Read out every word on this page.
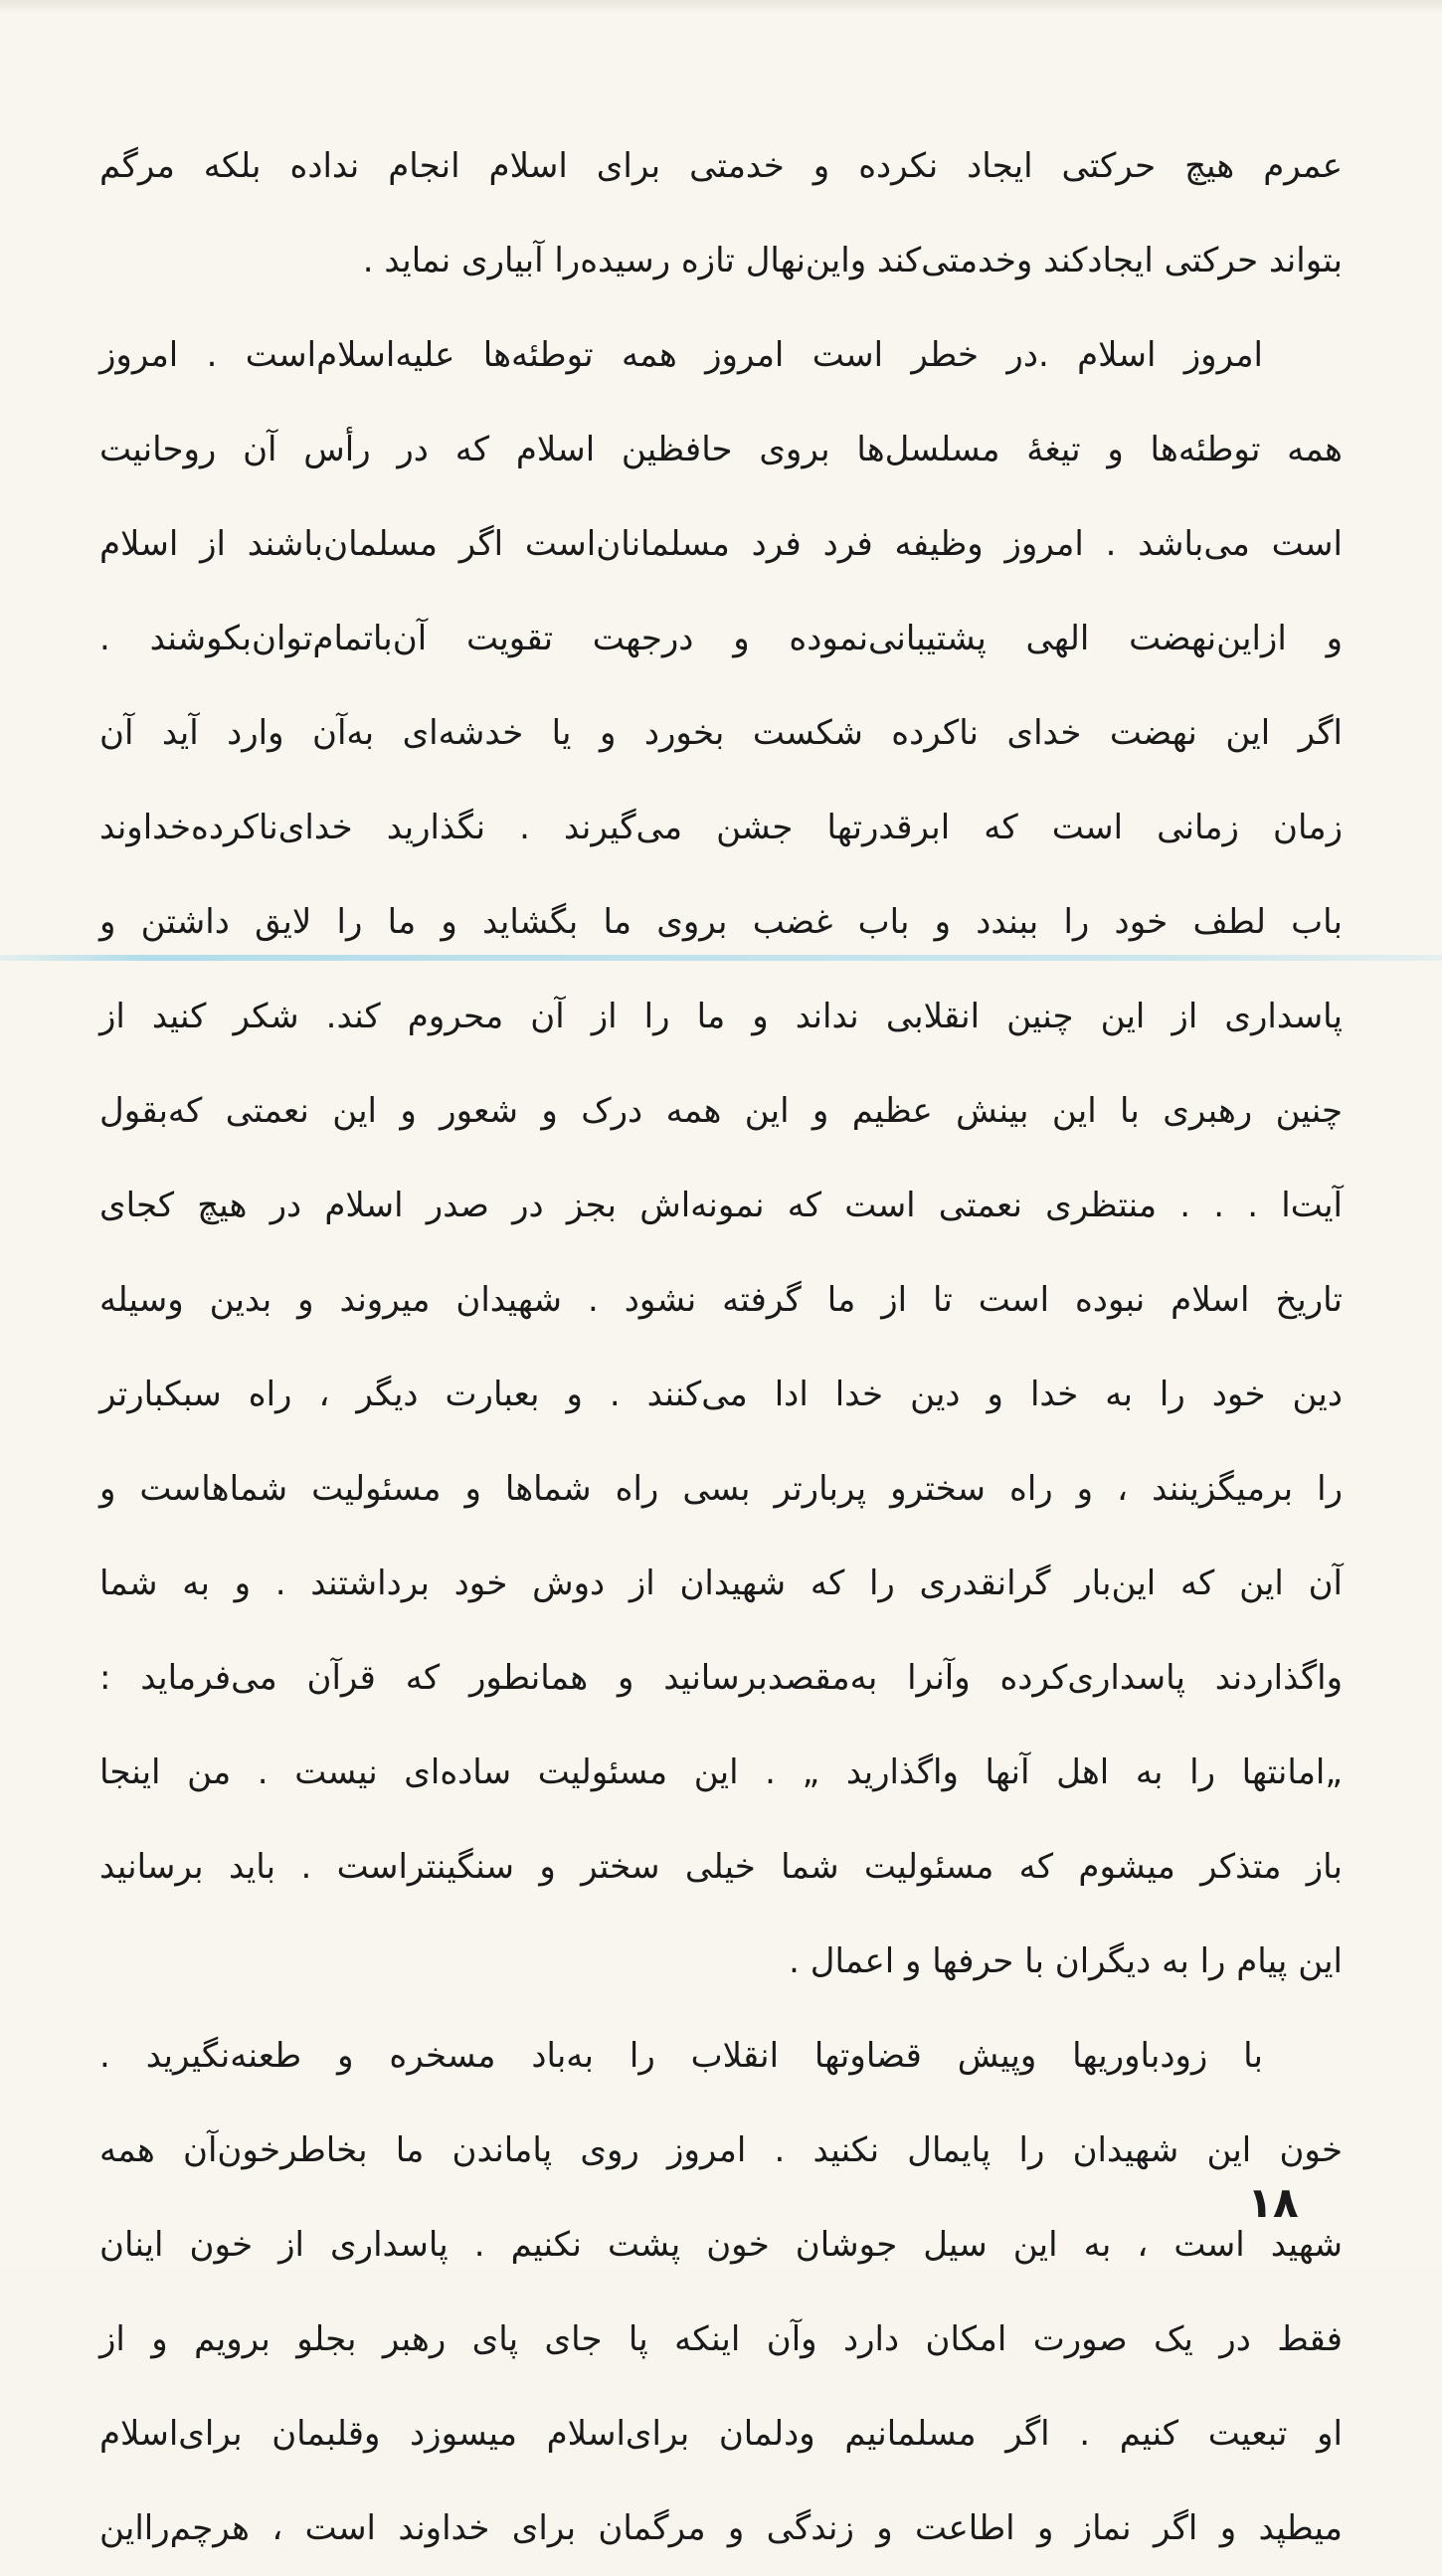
عمرم هیچ حرکتی ایجاد نکرده و خدمتی برای اسلام انجام نداده بلکه مرگم
بتواند حرکتی ایجادکند وخدمتی‌کند واین‌نهال تازه رسیده‌را آبیاری نماید .
امروز اسلام .در خطر است امروز همه توطئه‌ها علیه‌اسلام‌است . امروز
همه توطئه‌ها و تیغهٔ مسلسل‌ها بروی حافظین اسلام که در رأس آن روحانیت
است می‌باشد . امروز وظیفه فرد فرد مسلمانان‌است اگر مسلمان‌باشند از اسلام
و ازاین‌نهضت الهی پشتیبانی‌نموده و درجهت تقویت آن‌باتمام‌توان‌بکوشند .
اگر این نهضت خدای ناکرده شکست بخورد و یا خدشه‌ای به‌آن وارد آید آن
زمان زمانی است که ابرقدرتها جشن می‌گیرند . نگذارید خدای‌ناکرده‌خداوند
باب لطف خود را ببندد و باب غضب بروی ما بگشاید و ما را لایق داشتن و
پاسداری از این چنین انقلابی نداند و ما را از آن محروم کند. شکر کنید از
چنین رهبری با این بینش عظیم و این همه درک و شعور و این نعمتی که‌بقول
آیت‌ا . . . منتظری نعمتی است که نمونه‌اش بجز در صدر اسلام در هیچ کجای
تاریخ اسلام نبوده است تا از ما گرفته نشود . شهیدان میروند و بدین وسیله
دین خود را به خدا و دین خدا ادا می‌کنند . و بعبارت دیگر ، راه سبکبارتر
را برمیگزینند ، و راه سخترو پربارتر بسی راه شماها و مسئولیت شماهاست و
آن این که این‌بار گرانقدری را که شهیدان از دوش خود برداشتند . و به شما
واگذاردند پاسداری‌کرده وآنرا به‌مقصدبرسانید و همانطور که قرآن می‌فرماید :
„امانتها را به اهل آنها واگذارید „ . این مسئولیت ساده‌ای نیست . من اینجا
باز متذکر میشوم که مسئولیت شما خیلی سختر و سنگینتراست . باید برسانید
این پیام را به دیگران با حرفها و اعمال .
با زودباوریها وپیش قضاوتها انقلاب را به‌باد مسخره و طعنه‌نگیرید .
خون این شهیدان را پایمال نکنید . امروز روی پاماندن ما بخاطرخون‌آن همه
شهید است ، به این سیل جوشان خون پشت نکنیم . پاسداری از خون اینان
فقط در یک صورت امکان دارد وآن اینکه پا جای پای رهبر بجلو برویم و از
او تبعیت کنیم . اگر مسلمانیم ودلمان برای‌اسلام میسوزد وقلبمان برای‌اسلام
میطپد و اگر نماز و اطاعت و زندگی و مرگمان برای خداوند است ، هرچم‌رااین
۱۸
